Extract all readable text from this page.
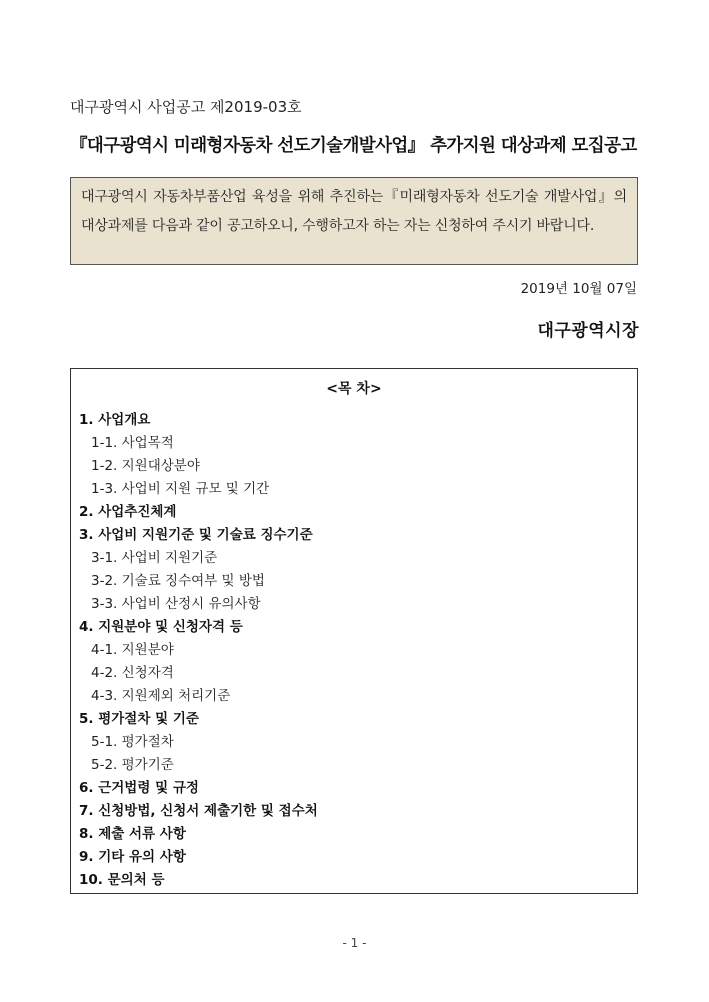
대구광역시 사업공고 제2019-03호
『대구광역시 미래형자동차 선도기술개발사업』 추가지원 대상과제 모집공고
대구광역시 자동차부품산업 육성을 위해 추진하는『미래형자동차 선도기술 개발사업』의 대상과제를 다음과 같이 공고하오니, 수행하고자 하는 자는 신청하여 주시기 바랍니다.
2019년 10월 07일
대구광역시장
<목 차>
1. 사업개요
1-1. 사업목적
1-2. 지원대상분야
1-3. 사업비 지원 규모 및 기간
2. 사업추진체계
3. 사업비 지원기준 및 기술료 징수기준
3-1. 사업비 지원기준
3-2. 기술료 징수여부 및 방법
3-3. 사업비 산정시 유의사항
4. 지원분야 및 신청자격 등
4-1. 지원분야
4-2. 신청자격
4-3. 지원제외 처리기준
5. 평가절차 및 기준
5-1. 평가절차
5-2. 평가기준
6. 근거법령 및 규정
7. 신청방법, 신청서 제출기한 및 접수처
8. 제출 서류 사항
9. 기타 유의 사항
10. 문의처 등
- 1 -
